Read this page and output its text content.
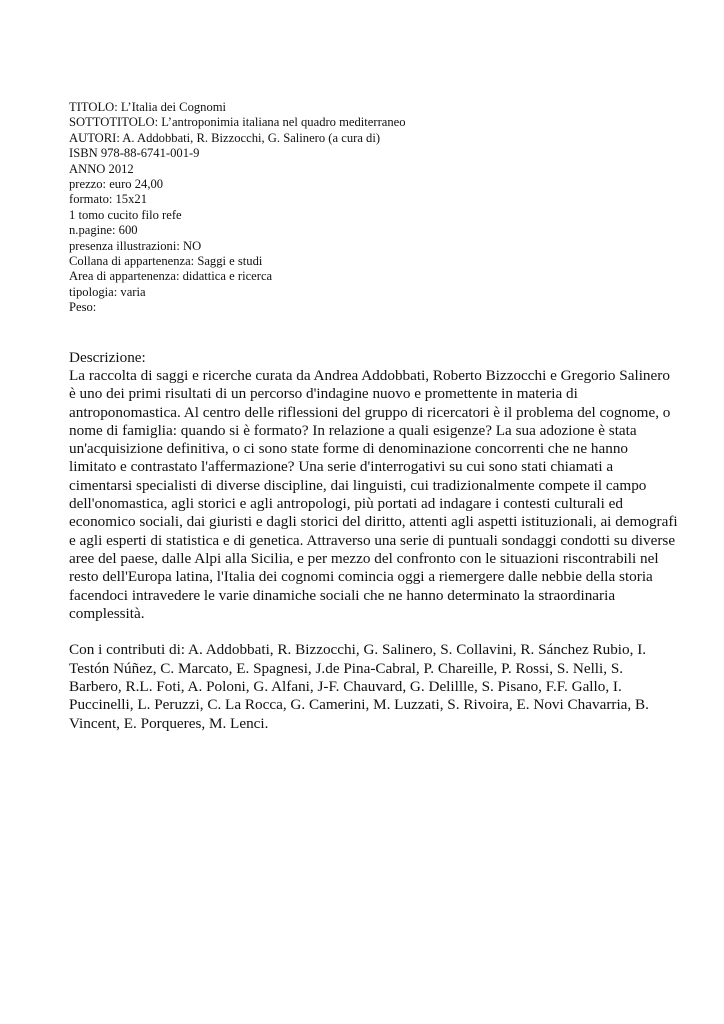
TITOLO: L’Italia dei Cognomi
SOTTOTITOLO: L’antroponimia italiana nel quadro mediterraneo
AUTORI: A. Addobbati, R. Bizzocchi, G. Salinero (a cura di)
ISBN 978-88-6741-001-9
ANNO 2012
prezzo: euro 24,00
formato: 15x21
1 tomo cucito filo refe
n.pagine: 600
presenza illustrazioni: NO
Collana di appartenenza: Saggi e studi
Area di appartenenza: didattica e ricerca
tipologia: varia
Peso:
Descrizione:
La raccolta di saggi e ricerche curata da Andrea Addobbati, Roberto Bizzocchi e Gregorio Salinero
è uno dei primi risultati di un percorso d'indagine nuovo e promettente in materia di
antroponomastica. Al centro delle riflessioni del gruppo di ricercatori è il problema del cognome, o
nome di famiglia: quando si è formato? In relazione a quali esigenze? La sua adozione è stata
un'acquisizione definitiva, o ci sono state forme di denominazione concorrenti che ne hanno
limitato e contrastato l'affermazione? Una serie d'interrogativi su cui sono stati chiamati a
cimentarsi specialisti di diverse discipline, dai linguisti, cui tradizionalmente compete il campo
dell'onomastica, agli storici e agli antropologi, più portati ad indagare i contesti culturali ed
economico sociali, dai giuristi e dagli storici del diritto, attenti agli aspetti istituzionali, ai demografi
e agli esperti di statistica e di genetica. Attraverso una serie di puntuali sondaggi condotti su diverse
aree del paese, dalle Alpi alla Sicilia, e per mezzo del confronto con le situazioni riscontrabili nel
resto dell'Europa latina, l'Italia dei cognomi comincia oggi a riemergere dalle nebbie della storia
facendoci intravedere le varie dinamiche sociali che ne hanno determinato la straordinaria
complessità.
Con i contributi di: A. Addobbati, R. Bizzocchi, G. Salinero, S. Collavini, R. Sánchez Rubio, I.
Testón Núñez, C. Marcato, E. Spagnesi, J.de Pina-Cabral, P. Chareille, P. Rossi, S. Nelli, S.
Barbero, R.L. Foti, A. Poloni, G. Alfani, J-F. Chauvard, G. Delillle, S. Pisano, F.F. Gallo, I.
Puccinelli, L. Peruzzi, C. La Rocca, G. Camerini, M. Luzzati, S. Rivoira, E. Novi Chavarria, B.
Vincent, E. Porqueres, M. Lenci.
